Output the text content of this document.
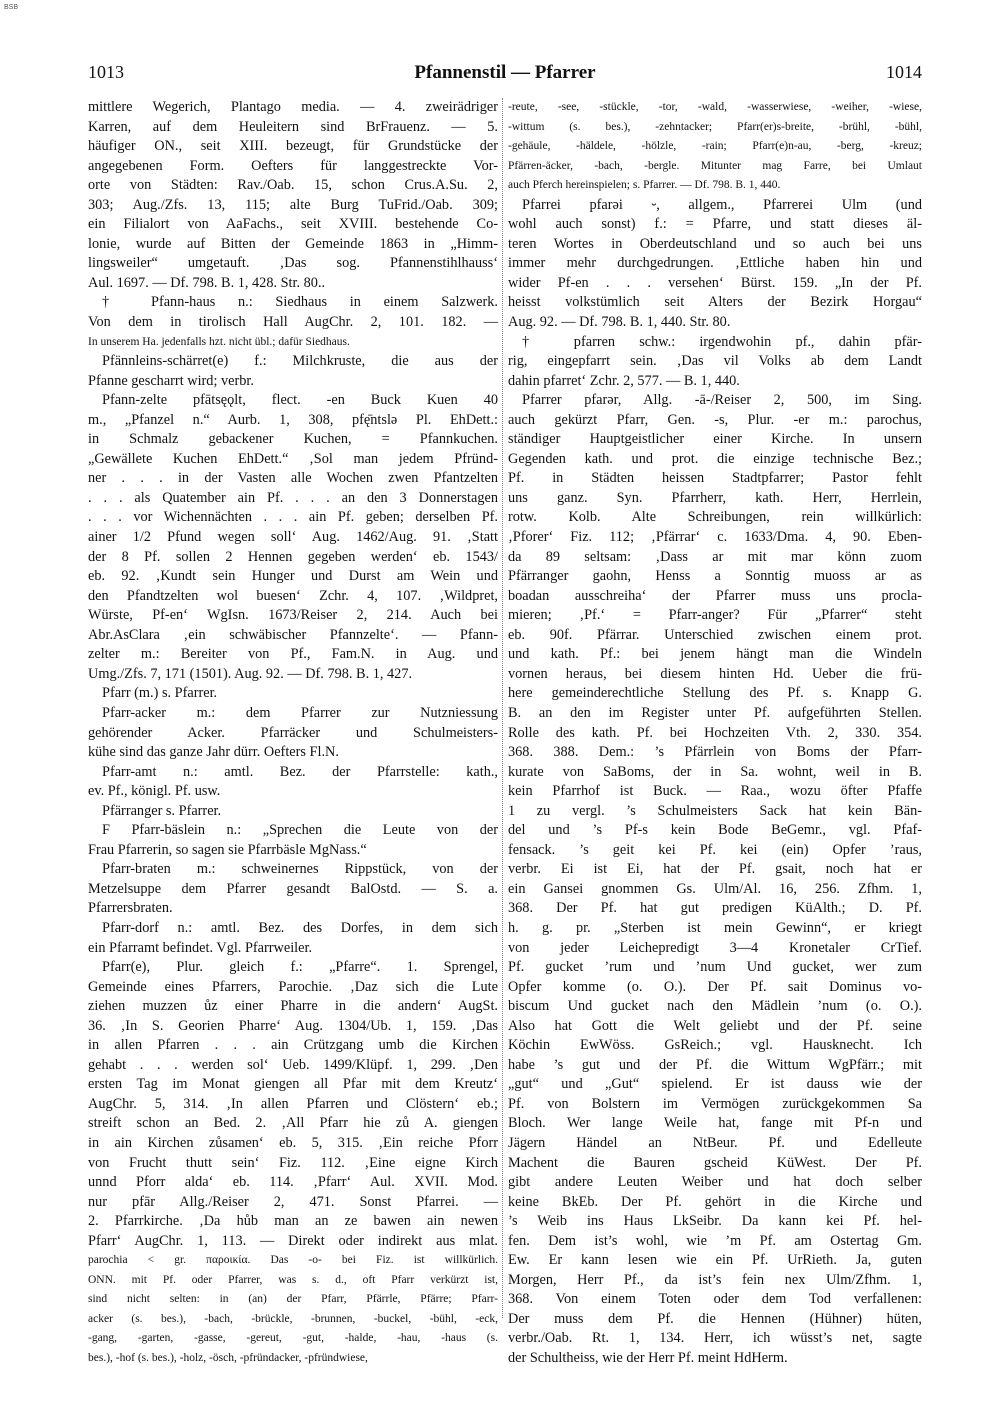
BSB
1013	Pfannenstil — Pfarrer	1014
mittlere Wegerich, Plantago media. — 4. zweirädriger
Karren, auf dem Heuleitern sind BrFrauenz. — 5.
häufiger ON., seit XIII. bezeugt, für Grundstücke der
angegebenen Form. Oefters für langgestreckte Vor-
orte von Städten: Rav./Oab. 15, schon Crus.A.Su. 2,
303; Aug./Zfs. 13, 115; alte Burg TuFrid./Oab. 309;
ein Filialort von AaFachs., seit XVIII. bestehende Co-
lonie, wurde auf Bitten der Gemeinde 1863 in „Himm-
lingsweiler“ umgetauft. ‚Das sog. Pfannenstihlhauss‘
Aul. 1697. — Df. 798. B. 1, 428. Str. 80..
† Pfann-haus n.: Siedhaus in einem Salzwerk.
Von dem in tirolisch Hall AugChr. 2, 101. 182. —
In unserem Ha. jedenfalls hzt. nicht übl.; dafür Siedhaus.
Pfännleins-schärret(e) f.: Milchkruste, die aus der
Pfanne gescharrt wird; verbr.
Pfann-zelte pfātsęǫlt, flect. -en Buck Kuen 40
m., „Pfanzel n.“ Aurb. 1, 308, pfę̄ntslə Pl. EhDett.:
in Schmalz gebackener Kuchen, = Pfannkuchen.
„Gewällete Kuchen EhDett.“ ‚Sol man jedem Pfründ-
ner . . . in der Vasten alle Wochen zwen Pfantzelten
. . . als Quatember ain Pf. . . . an den 3 Donnerstagen
. . . vor Wichennächten . . . ain Pf. geben; derselben Pf.
ainer 1/2 Pfund wegen soll‘ Aug. 1462/Aug. 91. ‚Statt
der 8 Pf. sollen 2 Hennen gegeben werden‘ eb. 1543/
eb. 92. ‚Kundt sein Hunger und Durst am Wein und
den Pfandtzelten wol buesen‘ Zchr. 4, 107. ‚Wildpret,
Würste, Pf-en‘ WgIsn. 1673/Reiser 2, 214. Auch bei
Abr.AsClara ‚ein schwäbischer Pfannzelte‘. — Pfann-
zelter m.: Bereiter von Pf., Fam.N. in Aug. und
Umg./Zfs. 7, 171 (1501). Aug. 92. — Df. 798. B. 1, 427.
Pfarr (m.) s. Pfarrer.
Pfarr-acker m.: dem Pfarrer zur Nutzniessung
gehörender Acker. Pfarräcker und Schulmeisters-
kühe sind das ganze Jahr dürr. Oefters Fl.N.
Pfarr-amt n.: amtl. Bez. der Pfarrstelle: kath.,
ev. Pf., königl. Pf. usw.
Pfärranger s. Pfarrer.
F Pfarr-bäslein n.: „Sprechen die Leute von der
Frau Pfarrerin, so sagen sie Pfarrbäsle MgNass.“
Pfarr-braten m.: schweinernes Rippstück, von der
Metzelsuppe dem Pfarrer gesandt BalOstd. — S. a.
Pfarrersbraten.
Pfarr-dorf n.: amtl. Bez. des Dorfes, in dem sich
ein Pfarramt befindet. Vgl. Pfarrweiler.
Pfarr(e), Plur. gleich f.: „Pfarre“. 1. Sprengel,
Gemeinde eines Pfarrers, Parochie. ‚Daz sich die Lute
ziehen muzzen ůz einer Pharre in die andern‘ AugSt.
36. ‚In S. Georien Pharre‘ Aug. 1304/Ub. 1, 159. ‚Das
in allen Pfarren . . . ain Crützgang umb die Kirchen
gehabt . . . werden sol‘ Ueb. 1499/Klüpf. 1, 299. ‚Den
ersten Tag im Monat giengen all Pfar mit dem Kreutz‘
AugChr. 5, 314. ‚In allen Pfarren und Clöstern‘ eb.;
streift schon an Bed. 2. ‚All Pfarr hie zů A. giengen
in ain Kirchen zůsamen‘ eb. 5, 315. ‚Ein reiche Pforr
von Frucht thutt sein‘ Fiz. 112. ‚Eine eigne Kirch
unnd Pforr alda‘ eb. 114. ‚Pfarr‘ Aul. XVII. Mod.
nur pfār Allg./Reiser 2, 471. Sonst Pfarrei. —
2. Pfarrkirche. ‚Da hůb man an ze bawen ain newen
Pfarr‘ AugChr. 1, 113. — Direkt oder indirekt aus mlat.
parochia < gr. παροικία. Das -o- bei Fiz. ist willkürlich.
ONN. mit Pf. oder Pfarrer, was s. d., oft Pfarr verkürzt ist,
sind nicht selten: in (an) der Pfarr, Pfärrle, Pfärre; Pfarr-
acker (s. bes.), -bach, -brückle, -brunnen, -buckel, -bühl, -eck,
-gang, -garten, -gasse, -gereut, -gut, -halde, -hau, -haus (s.
bes.), -hof (s. bes.), -holz, -ösch, -pfründacker, -pfründwiese,
-reute, -see, -stückle, -tor, -wald, -wasserwiese, -weiher, -wiese,
-wittum (s. bes.), -zehntacker; Pfarr(er)s-breite, -brühl, -bühl,
-gehäule, -häldele, -hölzle, -rain; Pfarr(e)n-au, -berg, -kreuz;
Pfärren-äcker, -bach, -bergle. Mitunter mag Farre, bei Umlaut
auch Pferch hereinspielen; s. Pfarrer. — Df. 798. B. 1, 440.
Pfarrei pfarəi ⏑, allgem., Pfarrerei Ulm (und
wohl auch sonst) f.: = Pfarre, und statt dieses äl-
teren Wortes in Oberdeutschland und so auch bei uns
immer mehr durchgedrungen. ‚Ettliche haben hin und
wider Pf-en . . . versehen‘ Bürst. 159. „In der Pf.
heisst volkstümlich seit Alters der Bezirk Horgau“
Aug. 92. — Df. 798. B. 1, 440. Str. 80.
† pfarren schw.: irgendwohin pf., dahin pfär-
rig, eingepfarrt sein. ‚Das vil Volks ab dem Landt
dahin pfarret‘ Zchr. 2, 577. — B. 1, 440.
Pfarrer pfarər, Allg. -ā-/Reiser 2, 500, im Sing.
auch gekürzt Pfarr, Gen. -s, Plur. -er m.: parochus,
ständiger Hauptgeistlicher einer Kirche. In unsern
Gegenden kath. und prot. die einzige technische Bez.;
Pf. in Städten heissen Stadtpfarrer; Pastor fehlt
uns ganz. Syn. Pfarrherr, kath. Herr, Herrlein,
rotw. Kolb. Alte Schreibungen, rein willkürlich:
‚Pforer‘ Fiz. 112; ‚Pfärrar‘ c. 1633/Dma. 4, 90. Eben-
da 89 seltsam: ‚Dass ar mit mar könn zuom
Pfärranger gaohn, Henss a Sonntig muoss ar as
boadan ausschreiha‘ der Pfarrer muss uns procla-
mieren; ‚Pf.‘ = Pfarr-anger? Für „Pfarrer“ steht
eb. 90f. Pfärrar. Unterschied zwischen einem prot.
und kath. Pf.: bei jenem hängt man die Windeln
vornen heraus, bei diesem hinten Hd. Ueber die frü-
here gemeinderechtliche Stellung des Pf. s. Knapp G.
B. an den im Register unter Pf. aufgeführten Stellen.
Rolle des kath. Pf. bei Hochzeiten Vth. 2, 330. 354.
368. 388. Dem.: ’s Pfärrlein von Boms der Pfarr-
kurate von SaBoms, der in Sa. wohnt, weil in B.
kein Pfarrhof ist Buck. — Raa., wozu öfter Pfaffe
1 zu vergl. ’s Schulmeisters Sack hat kein Bän-
del und ’s Pf-s kein Bode BeGemr., vgl. Pfaf-
fensack. ’s geit kei Pf. kei (ein) Opfer ’raus,
verbr. Ei ist Ei, hat der Pf. gsait, noch hat er
ein Gansei gnommen Gs. Ulm/Al. 16, 256. Zfhm. 1,
368. Der Pf. hat gut predigen KüAlth.; D. Pf.
h. g. pr. „Sterben ist mein Gewinn“, er kriegt
von jeder Leichepredigt 3—4 Kronetaler CrTief.
Pf. gucket ’rum und ’num Und gucket, wer zum
Opfer komme (o. O.). Der Pf. sait Dominus vo-
biscum Und gucket nach den Mädlein ’num (o. O.).
Also hat Gott die Welt geliebt und der Pf. seine
Köchin EwWöss. GsReich.; vgl. Hausknecht. Ich
habe ’s gut und der Pf. die Wittum WgPfärr.; mit
„gut“ und „Gut“ spielend. Er ist dauss wie der
Pf. von Bolstern im Vermögen zurückgekommen Sa
Bloch. Wer lange Weile hat, fange mit Pf-n und
Jägern Händel an NtBeur. Pf. und Edelleute
Machent die Bauren gscheid KüWest. Der Pf.
gibt andere Leuten Weiber und hat doch selber
keine BkEb. Der Pf. gehört in die Kirche und
’s Weib ins Haus LkSeibr. Da kann kei Pf. hel-
fen. Dem ist’s wohl, wie ’m Pf. am Ostertag Gm.
Ew. Er kann lesen wie ein Pf. UrRieth. Ja, guten
Morgen, Herr Pf., da ist’s fein nex Ulm/Zfhm. 1,
368. Von einem Toten oder dem Tod verfallenen:
Der muss dem Pf. die Hennen (Hühner) hüten,
verbr./Oab. Rt. 1, 134. Herr, ich wüsst’s net, sagte
der Schultheiss, wie der Herr Pf. meint HdHerm.
